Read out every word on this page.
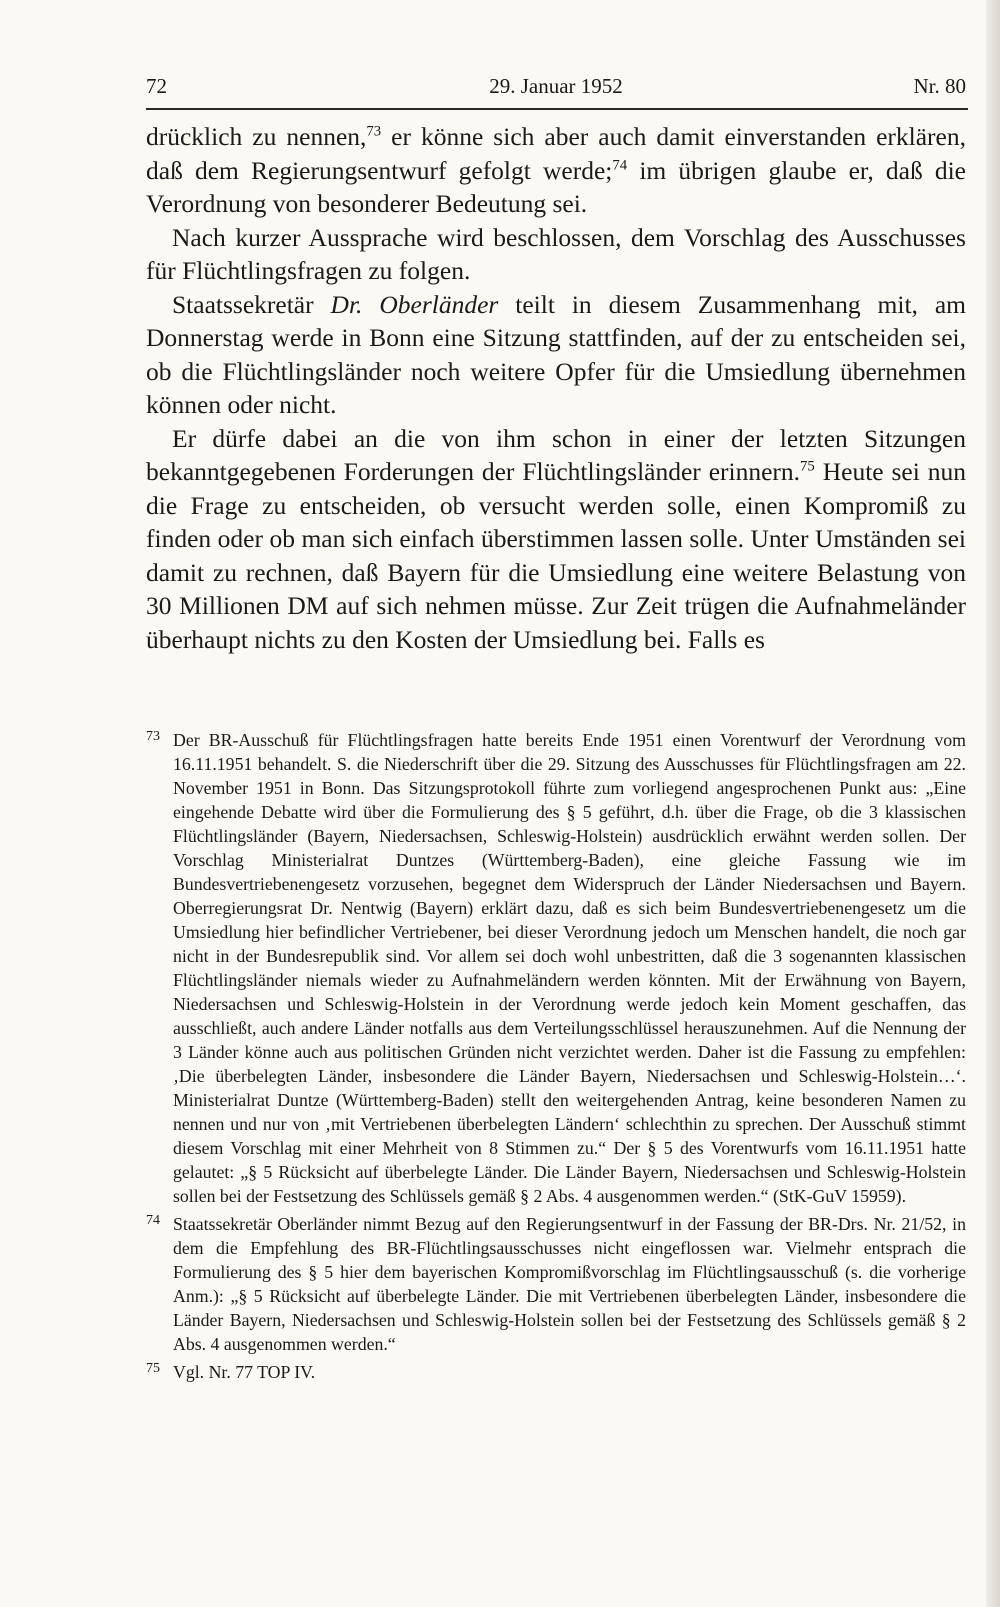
72	29. Januar 1952	Nr. 80

drücklich zu nennen,$^{73}$ er könne sich aber auch damit einverstanden erklären, daß dem Regierungsentwurf gefolgt werde;$^{74}$ im übrigen glaube er, daß die Verordnung von besonderer Bedeutung sei.

Nach kurzer Aussprache wird beschlossen, dem Vorschlag des Ausschusses für Flüchtlingsfragen zu folgen.

Staatssekretär Dr. Oberländer teilt in diesem Zusammenhang mit, am Donnerstag werde in Bonn eine Sitzung stattfinden, auf der zu entscheiden sei, ob die Flüchtlingsländer noch weitere Opfer für die Umsiedlung übernehmen können oder nicht.

Er dürfe dabei an die von ihm schon in einer der letzten Sitzungen bekanntgegebenen Forderungen der Flüchtlingsländer erinnern.$^{75}$ Heute sei nun die Frage zu entscheiden, ob versucht werden solle, einen Kompromiß zu finden oder ob man sich einfach überstimmen lassen solle. Unter Umständen sei damit zu rechnen, daß Bayern für die Umsiedlung eine weitere Belastung von 30 Millionen DM auf sich nehmen müsse. Zur Zeit trügen die Aufnahmeländer überhaupt nichts zu den Kosten der Umsiedlung bei. Falls es

73 Der BR-Ausschuß für Flüchtlingsfragen hatte bereits Ende 1951 einen Vorentwurf der Verordnung vom 16.11.1951 behandelt. S. die Niederschrift über die 29. Sitzung des Ausschusses für Flüchtlingsfragen am 22. November 1951 in Bonn. Das Sitzungsprotokoll führte zum vorliegend angesprochenen Punkt aus: „Eine eingehende Debatte wird über die Formulierung des § 5 geführt, d.h. über die Frage, ob die 3 klassischen Flüchtlingsländer (Bayern, Niedersachsen, Schleswig-Holstein) ausdrücklich erwähnt werden sollen. Der Vorschlag Ministerialrat Duntzes (Württemberg-Baden), eine gleiche Fassung wie im Bundesvertriebenengesetz vorzusehen, begegnet dem Widerspruch der Länder Niedersachsen und Bayern. Oberregierungsrat Dr. Nentwig (Bayern) erklärt dazu, daß es sich beim Bundesvertriebenengesetz um die Umsiedlung hier befindlicher Vertriebener, bei dieser Verordnung jedoch um Menschen handelt, die noch gar nicht in der Bundesrepublik sind. Vor allem sei doch wohl unbestritten, daß die 3 sogenannten klassischen Flüchtlingsländer niemals wieder zu Aufnahmeländern werden könnten. Mit der Erwähnung von Bayern, Niedersachsen und Schleswig-Holstein in der Verordnung werde jedoch kein Moment geschaffen, das ausschließt, auch andere Länder notfalls aus dem Verteilungsschlüssel herauszunehmen. Auf die Nennung der 3 Länder könne auch aus politischen Gründen nicht verzichtet werden. Daher ist die Fassung zu empfehlen: ‚Die überbelegten Länder, insbesondere die Länder Bayern, Niedersachsen und Schleswig-Holstein…‘. Ministerialrat Duntze (Württemberg-Baden) stellt den weitergehenden Antrag, keine besonderen Namen zu nennen und nur von ‚mit Vertriebenen überbelegten Ländern‘ schlechthin zu sprechen. Der Ausschuß stimmt diesem Vorschlag mit einer Mehrheit von 8 Stimmen zu.“ Der § 5 des Vorentwurfs vom 16.11.1951 hatte gelautet: „§ 5 Rücksicht auf überbelegte Länder. Die Länder Bayern, Niedersachsen und Schleswig-Holstein sollen bei der Festsetzung des Schlüssels gemäß § 2 Abs. 4 ausgenommen werden.“ (StK-GuV 15959).

74 Staatssekretär Oberländer nimmt Bezug auf den Regierungsentwurf in der Fassung der BR-Drs. Nr. 21/52, in dem die Empfehlung des BR-Flüchtlingsausschusses nicht eingeflossen war. Vielmehr entsprach die Formulierung des § 5 hier dem bayerischen Kompromißvorschlag im Flüchtlingsausschuß (s. die vorherige Anm.): „§ 5 Rücksicht auf überbelegte Länder. Die mit Vertriebenen überbelegten Länder, insbesondere die Länder Bayern, Niedersachsen und Schleswig-Holstein sollen bei der Festsetzung des Schlüssels gemäß § 2 Abs. 4 ausgenommen werden.“

75 Vgl. Nr. 77 TOP IV.
